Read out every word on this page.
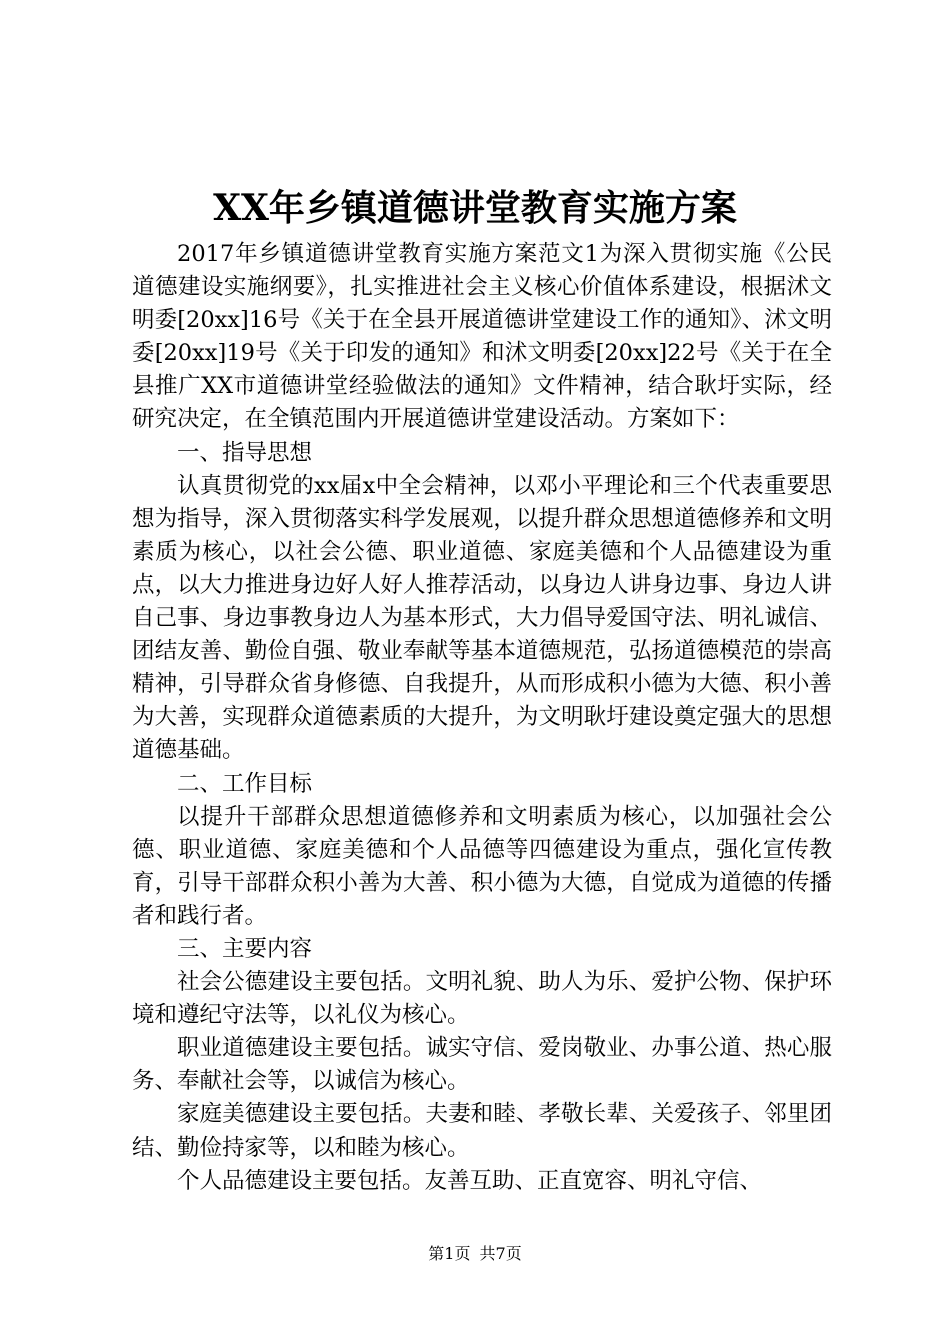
XX年乡镇道德讲堂教育实施方案

2017年乡镇道德讲堂教育实施方案范文1为深入贯彻实施《公民道德建设实施纲要》，扎实推进社会主义核心价值体系建设，根据沭文明委[20xx]16号《关于在全县开展道德讲堂建设工作的通知》、沭文明委[20xx]19号《关于印发的通知》和沭文明委[20xx]22号《关于在全县推广XX市道德讲堂经验做法的通知》文件精神，结合耿圩实际，经研究决定，在全镇范围内开展道德讲堂建设活动。方案如下：

一、指导思想

认真贯彻党的xx届x中全会精神，以邓小平理论和三个代表重要思想为指导，深入贯彻落实科学发展观，以提升群众思想道德修养和文明素质为核心，以社会公德、职业道德、家庭美德和个人品德建设为重点，以大力推进身边好人好人推荐活动，以身边人讲身边事、身边人讲自己事、身边事教身边人为基本形式，大力倡导爱国守法、明礼诚信、团结友善、勤俭自强、敬业奉献等基本道德规范，弘扬道德模范的崇高精神，引导群众省身修德、自我提升，从而形成积小德为大德、积小善为大善，实现群众道德素质的大提升，为文明耿圩建设奠定强大的思想道德基础。

二、工作目标

以提升干部群众思想道德修养和文明素质为核心，以加强社会公德、职业道德、家庭美德和个人品德等四德建设为重点，强化宣传教育，引导干部群众积小善为大善、积小德为大德，自觉成为道德的传播者和践行者。

三、主要内容

社会公德建设主要包括。文明礼貌、助人为乐、爱护公物、保护环境和遵纪守法等，以礼仪为核心。

职业道德建设主要包括。诚实守信、爱岗敬业、办事公道、热心服务、奉献社会等，以诚信为核心。

家庭美德建设主要包括。夫妻和睦、孝敬长辈、关爱孩子、邻里团结、勤俭持家等，以和睦为核心。

个人品德建设主要包括。友善互助、正直宽容、明礼守信、

第1页 共7页
